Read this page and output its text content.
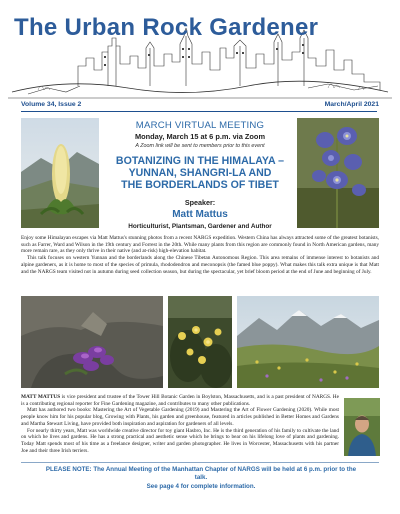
The Urban Rock Gardener
Volume 34, Issue 2	March/April 2021
MARCH VIRTUAL MEETING
Monday, March 15 at 6 p.m. via Zoom
A Zoom link will be sent to members prior to this event
BOTANIZING IN THE HIMALAYA –
YUNNAN, SHANGRI-LA AND
THE BORDERLANDS OF TIBET
Speaker:
Matt Mattus
Horticulturist, Plantsman, Gardener and Author

Enjoy some Himalayan escapes via Matt Mattus's stunning photos from a recent NARGS expedition. Western China has always attracted some of the greatest botanists, such as Farrer, Ward and Wilson in the 19th century and Forrest in the 20th. While many plants from this region are commonly found in North American gardens, many more remain rare, as they only thrive in their native (and at-risk) high-elevation habitat.

This talk focuses on western Yunnan and the borderlands along the Chinese Tibetan Autonomous Region. This area remains of immense interest to botanists and alpine gardeners, as it is home to most of the species of primula, rhododendron and meconopsis (the famed blue poppy). What makes this talk extra unique is that Matt and the NARGS team visited not in autumn during seed collection season, but during the spectacular, yet brief bloom period at the end of June and beginning of July.

MATT MATTUS is vice president and trustee of the Tower Hill Botanic Garden in Boylston, Massachusetts, and is a past president of NARGS. He is a contributing regional reporter for Fine Gardening magazine, and contributes to many other publications.

Matt has authored two books: Mastering the Art of Vegetable Gardening (2019) and Mastering the Art of Flower Gardening (2020). While most people know him for his popular blog, Growing with Plants, his garden and greenhouse, featured in articles published in Better Homes and Gardens and Martha Stewart Living, have provided both inspiration and aspiration for gardeners of all levels.

For nearly thirty years, Matt was worldwide creative director for toy giant Hasbro, Inc. He is the third generation of his family to cultivate the land on which he lives and gardens. He has a strong practical and aesthetic sense which he brings to bear on his lifelong love of plants and gardening. Today Matt spends most of his time as a freelance designer, writer and garden photographer. He lives in Worcester, Massachusetts with his partner Joe and their three Irish terriers.

PLEASE NOTE: The Annual Meeting of the Manhattan Chapter of NARGS will be held at 6 p.m. prior to the talk.
See page 4 for complete information.
